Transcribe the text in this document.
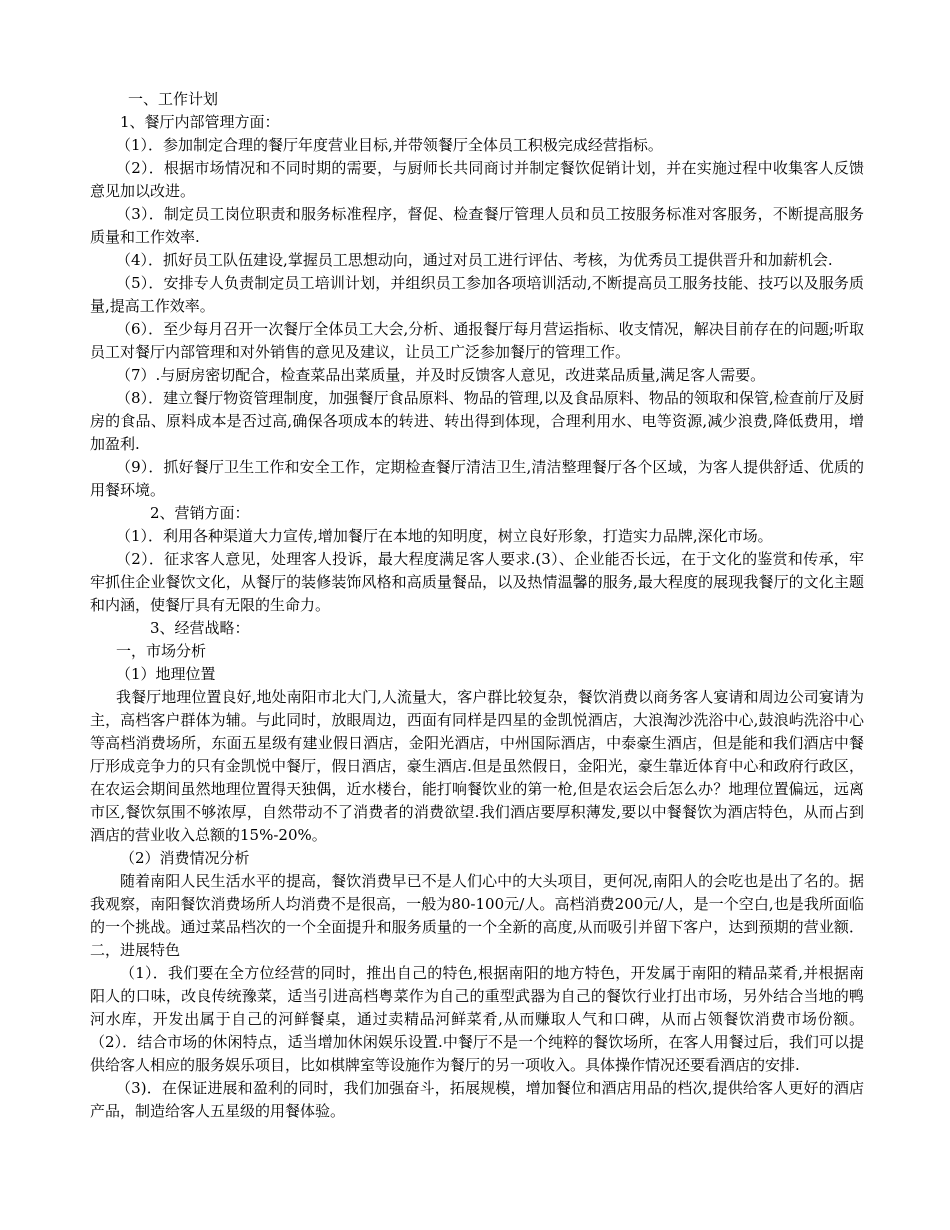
一、工作计划

1、餐厅内部管理方面：

（1）．参加制定合理的餐厅年度营业目标,并带领餐厅全体员工积极完成经营指标。

（2）．根据市场情况和不同时期的需要，与厨师长共同商讨并制定餐饮促销计划，并在实施过程中收集客人反馈意见加以改进。

（3）．制定员工岗位职责和服务标准程序，督促、检查餐厅管理人员和员工按服务标准对客服务，不断提高服务质量和工作效率.

（4）．抓好员工队伍建设,掌握员工思想动向，通过对员工进行评估、考核，为优秀员工提供晋升和加薪机会.

（5）．安排专人负责制定员工培训计划，并组织员工参加各项培训活动,不断提高员工服务技能、技巧以及服务质量,提高工作效率。

（6）．至少每月召开一次餐厅全体员工大会,分析、通报餐厅每月营运指标、收支情况，解决目前存在的问题;听取员工对餐厅内部管理和对外销售的意见及建议，让员工广泛参加餐厅的管理工作。

（7）.与厨房密切配合，检查菜品出菜质量，并及时反馈客人意见，改进菜品质量,满足客人需要。

（8）．建立餐厅物资管理制度，加强餐厅食品原料、物品的管理,以及食品原料、物品的领取和保管,检查前厅及厨房的食品、原料成本是否过高,确保各项成本的转进、转出得到体现，合理利用水、电等资源,减少浪费,降低费用，增加盈利.

（9）．抓好餐厅卫生工作和安全工作，定期检查餐厅清洁卫生,清洁整理餐厅各个区域，为客人提供舒适、优质的用餐环境。

2、营销方面：

（1）．利用各种渠道大力宣传,增加餐厅在本地的知明度，树立良好形象，打造实力品牌,深化市场。

（2）．征求客人意见，处理客人投诉，最大程度满足客人要求.(3）、企业能否长远，在于文化的鉴赏和传承，牢牢抓住企业餐饮文化，从餐厅的装修装饰风格和高质量餐品，以及热情温馨的服务,最大程度的展现我餐厅的文化主题和内涵，使餐厅具有无限的生命力。

3、经营战略：

一，市场分析

（1）地理位置

我餐厅地理位置良好,地处南阳市北大门,人流量大，客户群比较复杂，餐饮消费以商务客人宴请和周边公司宴请为主，高档客户群体为辅。与此同时，放眼周边，西面有同样是四星的金凯悦酒店，大浪淘沙洗浴中心,鼓浪屿洗浴中心等高档消费场所，东面五星级有建业假日酒店，金阳光酒店，中州国际酒店，中泰豪生酒店，但是能和我们酒店中餐厅形成竞争力的只有金凯悦中餐厅，假日酒店，豪生酒店.但是虽然假日，金阳光，豪生靠近体育中心和政府行政区，在农运会期间虽然地理位置得天独偶，近水楼台，能打响餐饮业的第一枪,但是农运会后怎么办？地理位置偏远，远离市区,餐饮氛围不够浓厚，自然带动不了消费者的消费欲望.我们酒店要厚积薄发,要以中餐餐饮为酒店特色，从而占到酒店的营业收入总额的15%-20%。

（2）消费情况分析

随着南阳人民生活水平的提高，餐饮消费早已不是人们心中的大头项目，更何况,南阳人的会吃也是出了名的。据我观察，南阳餐饮消费场所人均消费不是很高，一般为80-100元/人。高档消费200元/人，是一个空白,也是我所面临的一个挑战。通过菜品档次的一个全面提升和服务质量的一个全新的高度,从而吸引并留下客户，达到预期的营业额．二，进展特色

（1）．我们要在全方位经营的同时，推出自己的特色,根据南阳的地方特色，开发属于南阳的精品菜肴,并根据南阳人的口味，改良传统豫菜，适当引进高档粤菜作为自己的重型武器为自己的餐饮行业打出市场，另外结合当地的鸭河水库，开发出属于自己的河鲜餐桌，通过卖精品河鲜菜肴,从而赚取人气和口碑，从而占领餐饮消费市场份额。（2）．结合市场的休闲特点，适当增加休闲娱乐设置.中餐厅不是一个纯粹的餐饮场所，在客人用餐过后，我们可以提供给客人相应的服务娱乐项目，比如棋牌室等设施作为餐厅的另一项收入。具体操作情况还要看酒店的安排.

（3)．在保证进展和盈利的同时，我们加强奋斗，拓展规模，增加餐位和酒店用品的档次,提供给客人更好的酒店产品，制造给客人五星级的用餐体验。
